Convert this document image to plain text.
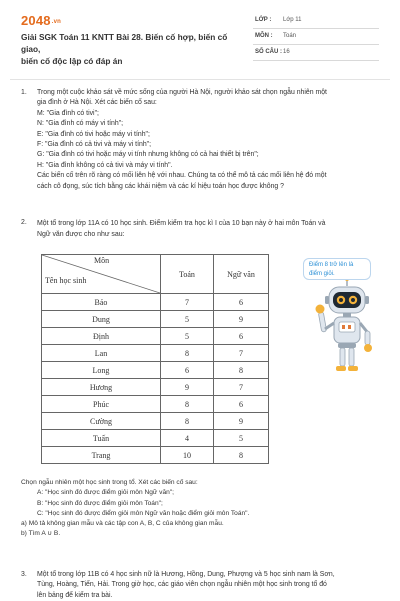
2048.vn
Giải SGK Toán 11 KNTT Bài 28. Biến cố hợp, biến cố giao,
biến cố độc lập có đáp án
LỚP : Lớp 11
MÔN : Toán
SỐ CÂU : 16
1. Trong một cuộc khảo sát về mức sống của người Hà Nội, người khảo sát chọn ngẫu nhiên một
gia đình ở Hà Nội. Xét các biến cố sau:
M: "Gia đình có tivi";
N: "Gia đình có máy vi tính";
E: "Gia đình có tivi hoặc máy vi tính";
F: "Gia đình có cả tivi và máy vi tính";
G: "Gia đình có tivi hoặc máy vi tính nhưng không có cả hai thiết bị trên";
H: "Gia đình không có cả tivi và máy vi tính".
Các biến cố trên rõ ràng có mối liên hệ với nhau. Chúng ta có thể mô tả các mối liên hệ đó một
cách cô đọng, súc tích bằng các khái niệm và các kí hiệu toán học được không ?
2. Một tổ trong lớp 11A có 10 học sinh. Điểm kiểm tra học kì I của 10 bạn này ở hai môn Toán và
Ngữ văn được cho như sau:
Môn
Tên học sinh	Toán	Ngữ văn
Bảo	7	6
Dung	5	9
Định	5	6
Lan	8	7
Long	6	8
Hương	9	7
Phúc	8	6
Cường	8	9
Tuấn	4	5
Trang	10	8
Điểm 8 trở lên là
điểm giỏi.
Chọn ngẫu nhiên một học sinh trong tổ. Xét các biến cố sau:
A: "Học sinh đó được điểm giỏi môn Ngữ văn";
B: "Học sinh đó được điểm giỏi môn Toán";
C: "Học sinh đó được điểm giỏi môn Ngữ văn hoặc điểm giỏi môn Toán".
a) Mô tả không gian mẫu và các tập con A, B, C của không gian mẫu.
b) Tìm A ∪ B.
3. Một tổ trong lớp 11B có 4 học sinh nữ là Hương, Hồng, Dung, Phượng và 5 học sinh nam là Sơn,
Tùng, Hoàng, Tiến, Hải. Trong giờ học, các giáo viên chọn ngẫu nhiên một học sinh trong tổ đó
lên bảng để kiểm tra bài.
